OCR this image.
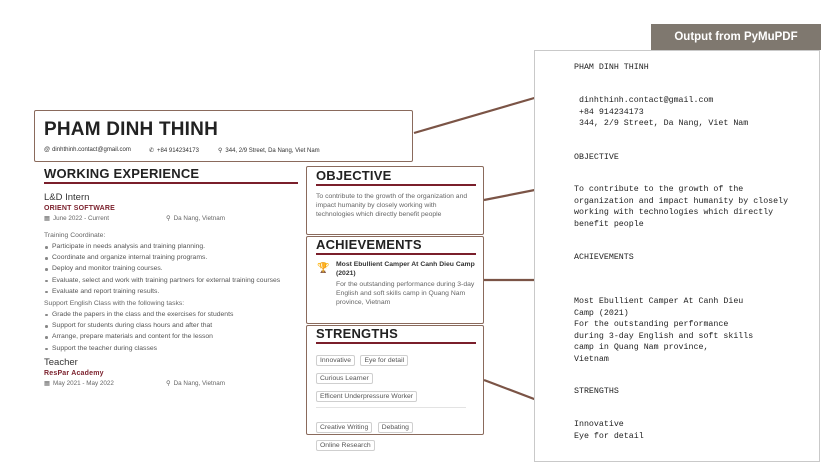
PHAM DINH THINH
@ dinhthinh.contact@gmail.com	✆ +84 914234173	⚲ 344, 2/9 Street, Da Nang, Viet Nam
WORKING EXPERIENCE
L&D Intern
ORIENT SOFTWARE
▦ June 2022 - Current	⚲ Da Nang, Vietnam
Training Coordinate:
Participate in needs analysis and training planning.
Coordinate and organize internal training programs.
Deploy and monitor training courses.
Evaluate, select and work with training partners for external training courses
Evaluate and report training results.
Support English Class with the following tasks:
Grade the papers in the class and the exercises for students
Support for students during class hours and after that
Arrange, prepare materials and content for the lesson
Support the teacher during classes
Teacher
ResPar Academy
▦ May 2021 - May 2022	⚲ Da Nang, Vietnam
OBJECTIVE
To contribute to the growth of the organization and impact humanity by closely working with technologies which directly benefit people
ACHIEVEMENTS
🏆 Most Ebullient Camper At Canh Dieu Camp (2021)
For the outstanding performance during 3-day English and soft skills camp in Quang Nam province, Vietnam
STRENGTHS
Innovative Eye for detail Curious Learner Efficent Underpressure Worker
Creative Writing Debating Online Research
PHAM DINH THINH
dinhthinh.contact@gmail.com
+84 914234173
344, 2/9 Street, Da Nang, Viet Nam
OBJECTIVE
To contribute to the growth of the
organization and impact humanity by closely
working with technologies which directly
benefit people
ACHIEVEMENTS
Most Ebullient Camper At Canh Dieu
Camp (2021)
For the outstanding performance
during 3-day English and soft skills
camp in Quang Nam province,
Vietnam
STRENGTHS
Innovative
Eye for detail
Output from PyMuPDF
